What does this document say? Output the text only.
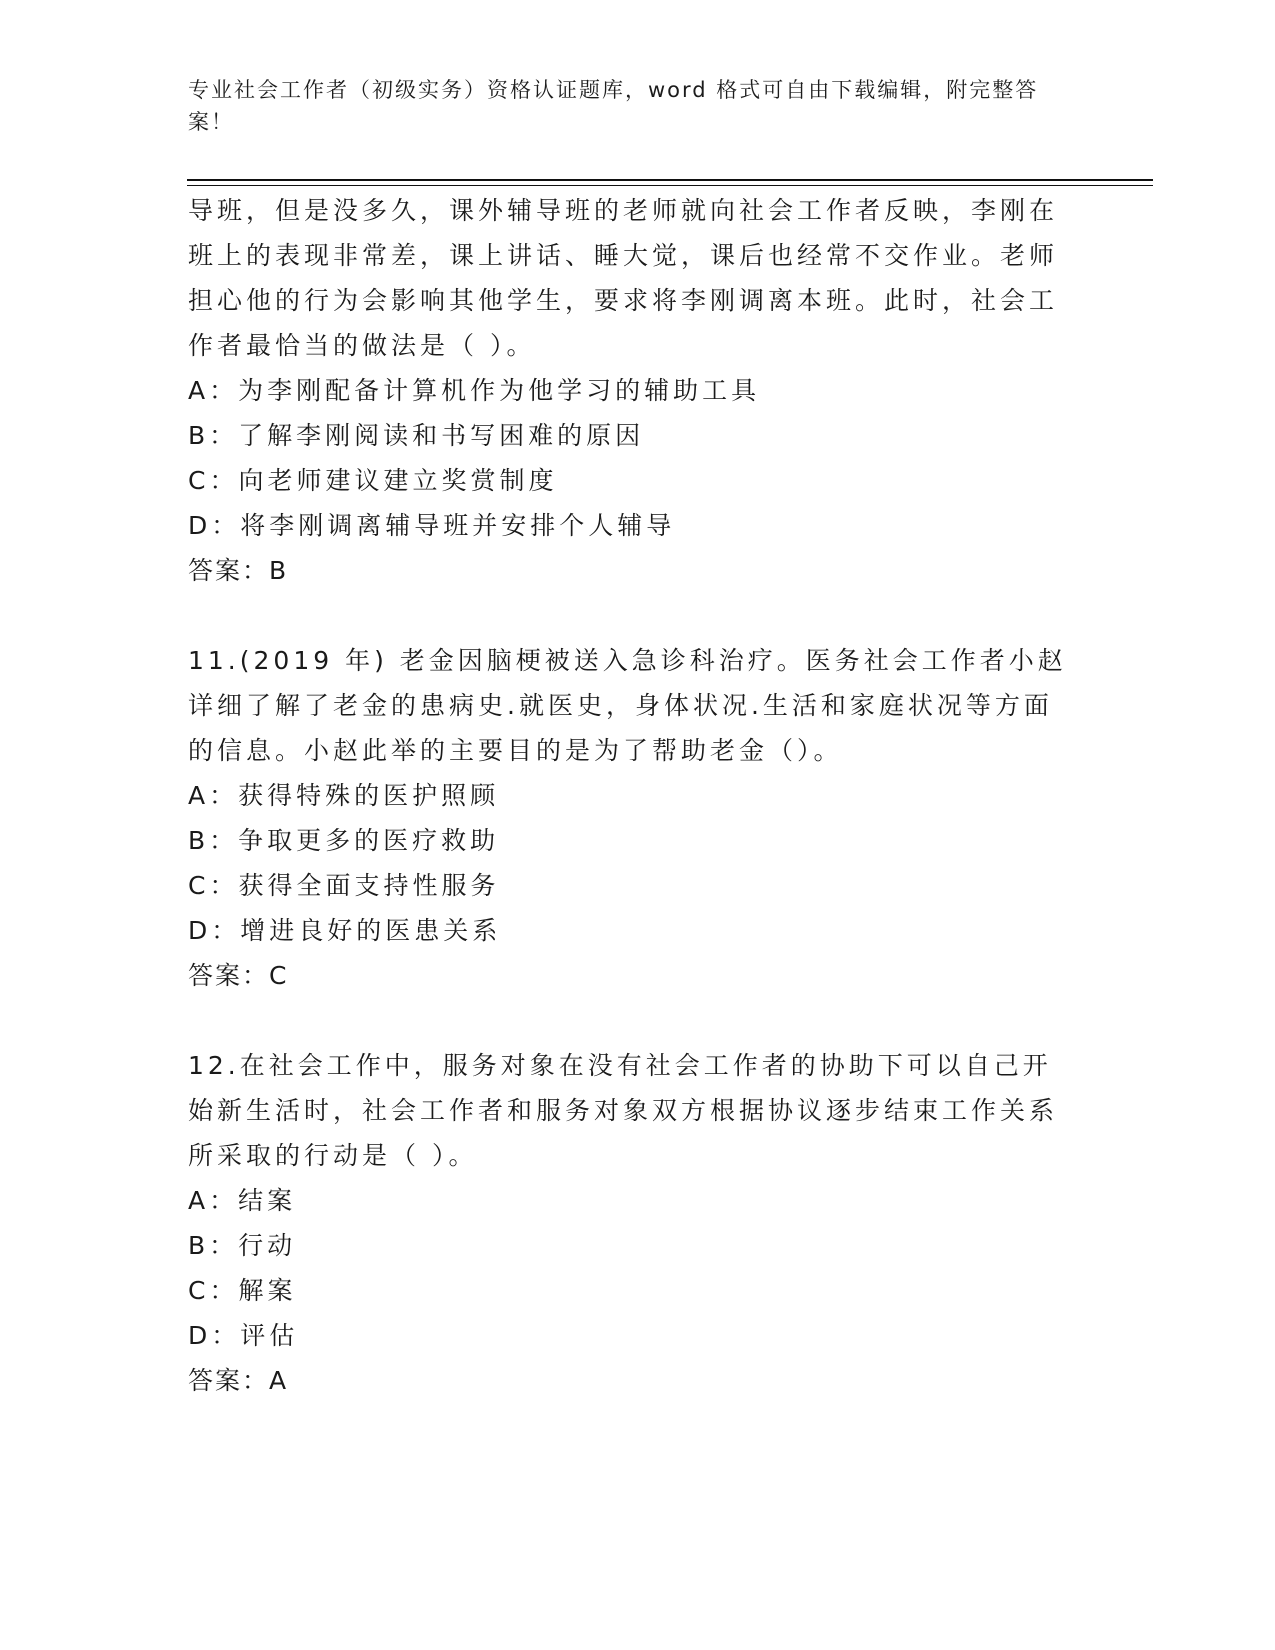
专业社会工作者（初级实务）资格认证题库，word 格式可自由下载编辑，附完整答案！

导班，但是没多久，课外辅导班的老师就向社会工作者反映，李刚在班上的表现非常差，课上讲话、睡大觉，课后也经常不交作业。老师担心他的行为会影响其他学生，要求将李刚调离本班。此时，社会工作者最恰当的做法是（ ）。

A：为李刚配备计算机作为他学习的辅助工具

B：了解李刚阅读和书写困难的原因

C：向老师建议建立奖赏制度

D：将李刚调离辅导班并安排个人辅导

答案：B

11.(2019 年) 老金因脑梗被送入急诊科治疗。医务社会工作者小赵详细了解了老金的患病史.就医史，身体状况.生活和家庭状况等方面的信息。小赵此举的主要目的是为了帮助老金（）。

A：获得特殊的医护照顾

B：争取更多的医疗救助

C：获得全面支持性服务

D：增进良好的医患关系

答案：C

12.在社会工作中，服务对象在没有社会工作者的协助下可以自己开始新生活时，社会工作者和服务对象双方根据协议逐步结束工作关系所采取的行动是（ ）。

A：结案

B：行动

C：解案

D：评估

答案：A
